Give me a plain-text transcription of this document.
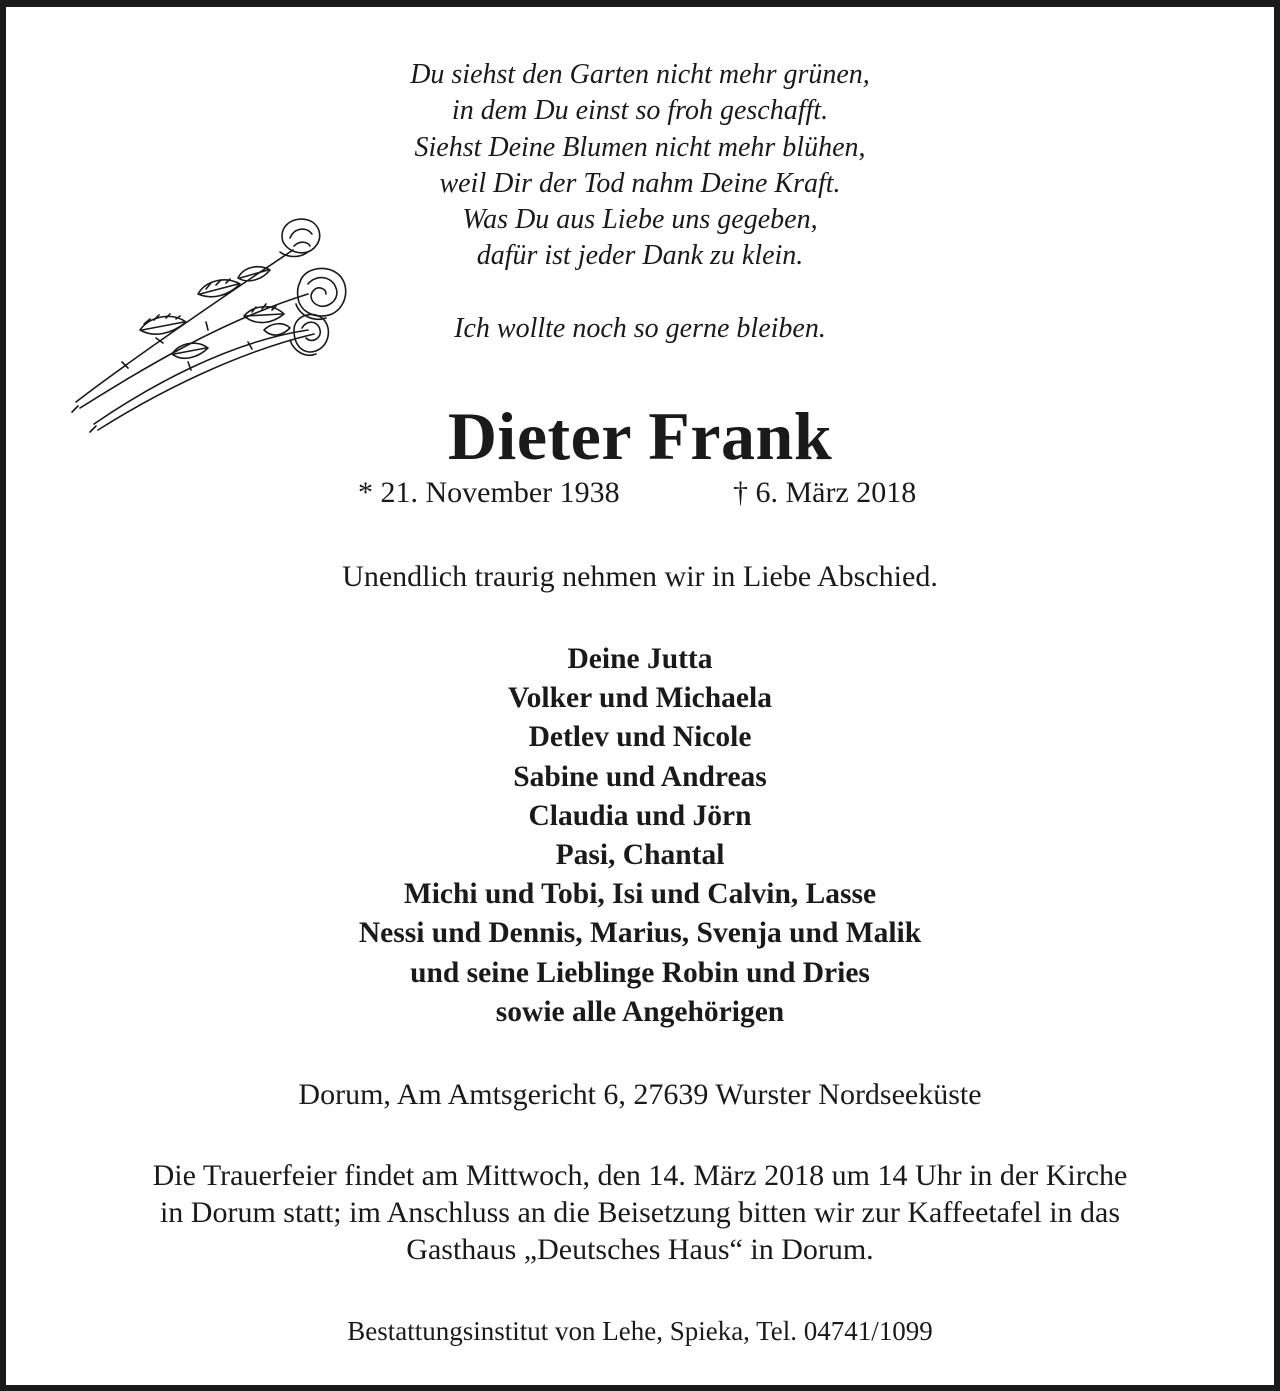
Du siehst den Garten nicht mehr grünen,
in dem Du einst so froh geschafft.
Siehst Deine Blumen nicht mehr blühen,
weil Dir der Tod nahm Deine Kraft.
Was Du aus Liebe uns gegeben,
dafür ist jeder Dank zu klein.
Ich wollte noch so gerne bleiben.
Dieter Frank
* 21. November 1938	† 6. März 2018
Unendlich traurig nehmen wir in Liebe Abschied.
Deine Jutta
Volker und Michaela
Detlev und Nicole
Sabine und Andreas
Claudia und Jörn
Pasi, Chantal
Michi und Tobi, Isi und Calvin, Lasse
Nessi und Dennis, Marius, Svenja und Malik
und seine Lieblinge Robin und Dries
sowie alle Angehörigen
Dorum, Am Amtsgericht 6, 27639 Wurster Nordseeküste
Die Trauerfeier findet am Mittwoch, den 14. März 2018 um 14 Uhr in der Kirche
in Dorum statt; im Anschluss an die Beisetzung bitten wir zur Kaffeetafel in das
Gasthaus „Deutsches Haus“ in Dorum.
Bestattungsinstitut von Lehe, Spieka, Tel. 04741/1099
